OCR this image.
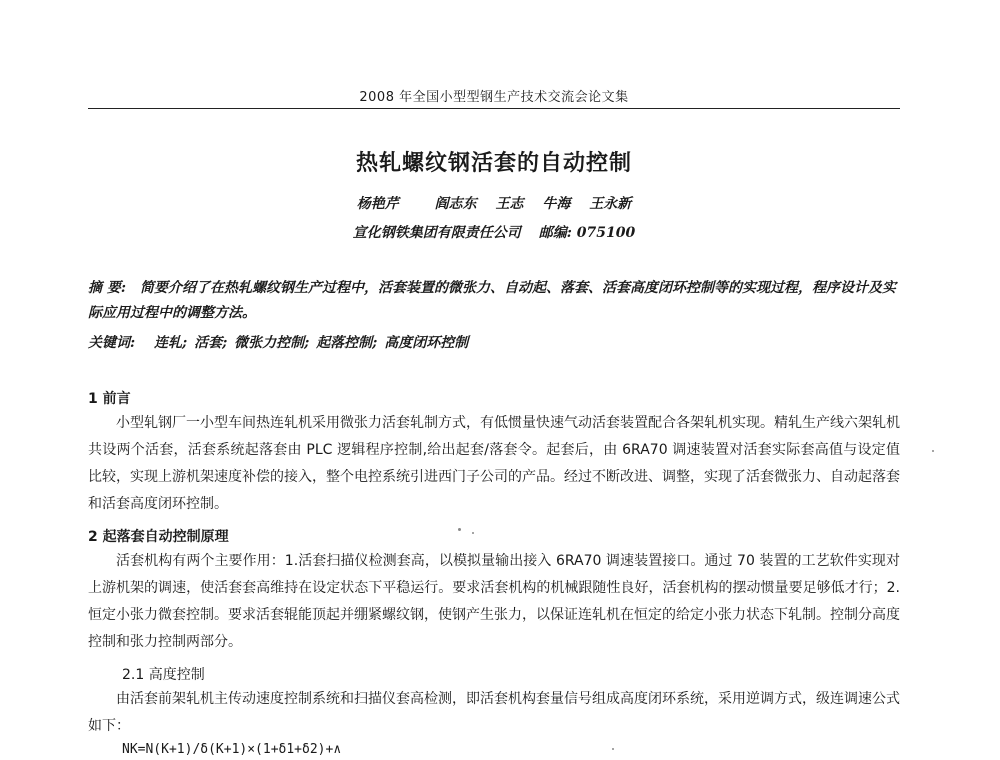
2008 年全国小型型钢生产技术交流会论文集
热轧螺纹钢活套的自动控制
杨艳芹	阎志东 王志 牛海 王永新
宣化钢铁集团有限责任公司 邮编: 075100
摘 要: 简要介绍了在热轧螺纹钢生产过程中，活套装置的微张力、自动起、落套、活套高度闭环控制等的实现过程，程序设计及实际应用过程中的调整方法。
关键词: 连轧; 活套; 微张力控制; 起落控制; 高度闭环控制
1 前言
小型轧钢厂一小型车间热连轧机采用微张力活套轧制方式，有低惯量快速气动活套装置配合各架轧机实现。精轧生产线六架轧机共设两个活套，活套系统起落套由 PLC 逻辑程序控制,给出起套/落套令。起套后，由 6RA70 调速装置对活套实际套高值与设定值比较，实现上游机架速度补偿的接入，整个电控系统引进西门子公司的产品。经过不断改进、调整，实现了活套微张力、自动起落套和活套高度闭环控制。
2 起落套自动控制原理
活套机构有两个主要作用：1.活套扫描仪检测套高，以模拟量输出接入 6RA70 调速装置接口。通过 70 装置的工艺软件实现对上游机架的调速，使活套套高维持在设定状态下平稳运行。要求活套机构的机械跟随性良好，活套机构的摆动惯量要足够低才行；2.恒定小张力微套控制。要求活套辊能顶起并绷紧螺纹钢，使钢产生张力，以保证连轧机在恒定的给定小张力状态下轧制。控制分高度控制和张力控制两部分。
2.1 高度控制
由活套前架轧机主传动速度控制系统和扫描仪套高检测，即活套机构套量信号组成高度闭环系统，采用逆调方式，级连调速公式如下：
NK=N(K+1)/δ(K+1)×(1+δ1+δ2)+∧
